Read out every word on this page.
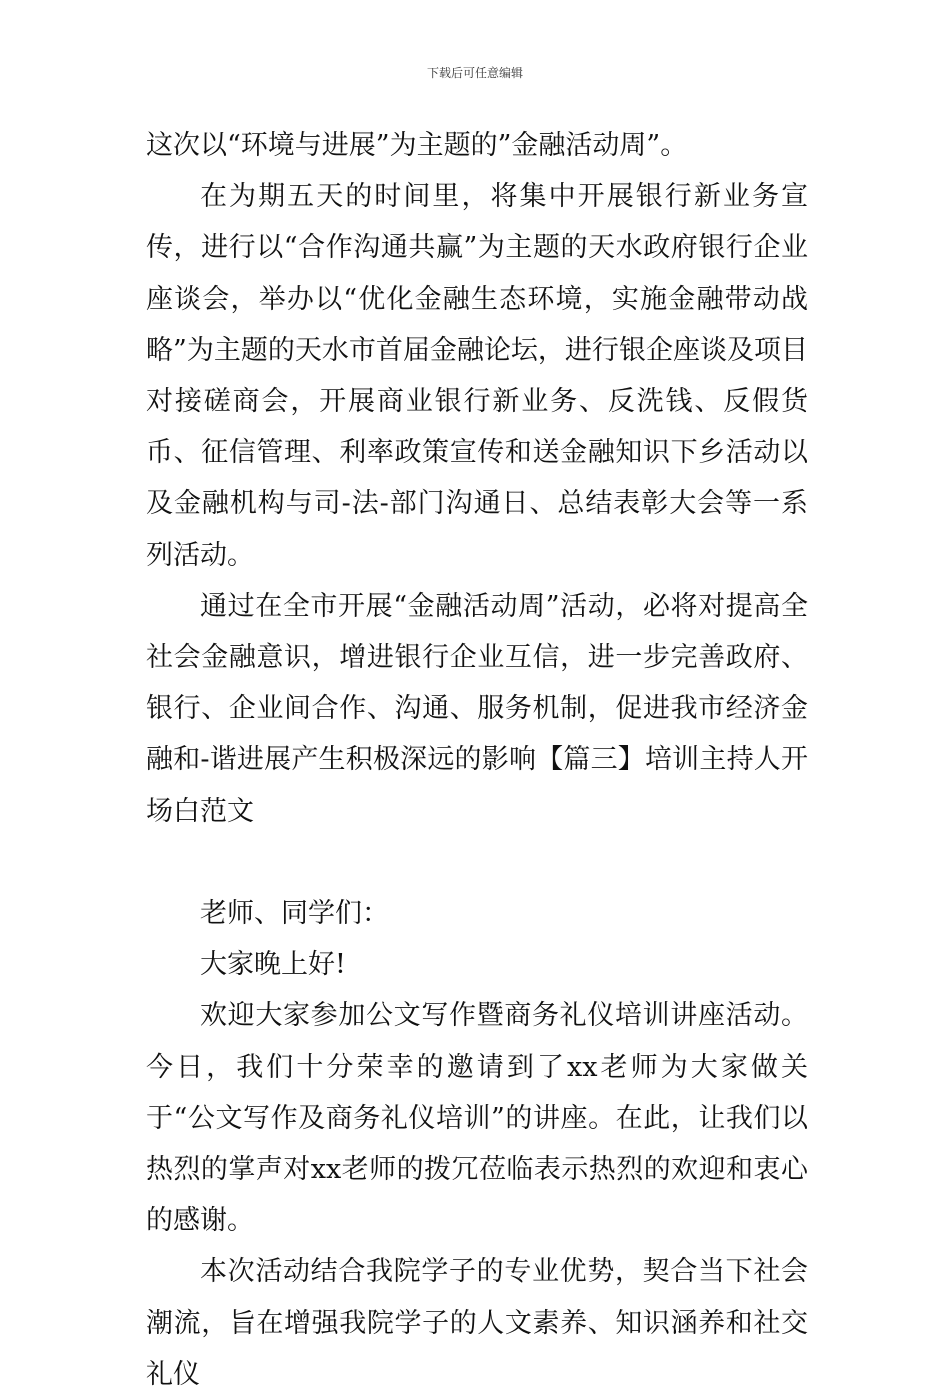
下载后可任意编辑

这次以“环境与进展”为主题的”金融活动周”。

在为期五天的时间里，将集中开展银行新业务宣传，进行以“合作沟通共赢”为主题的天水政府银行企业座谈会，举办以“优化金融生态环境，实施金融带动战略”为主题的天水市首届金融论坛，进行银企座谈及项目对接磋商会，开展商业银行新业务、反洗钱、反假货币、征信管理、利率政策宣传和送金融知识下乡活动以及金融机构与司-法-部门沟通日、总结表彰大会等一系列活动。

通过在全市开展“金融活动周”活动，必将对提高全社会金融意识，增进银行企业互信，进一步完善政府、银行、企业间合作、沟通、服务机制，促进我市经济金融和-谐进展产生积极深远的影响【篇三】培训主持人开场白范文

老师、同学们：

大家晚上好!

欢迎大家参加公文写作暨商务礼仪培训讲座活动。今日，我们十分荣幸的邀请到了xx老师为大家做关于“公文写作及商务礼仪培训”的讲座。在此，让我们以热烈的掌声对xx老师的拨冗莅临表示热烈的欢迎和衷心的感谢。

本次活动结合我院学子的专业优势，契合当下社会潮流，旨在增强我院学子的人文素养、知识涵养和社交礼仪
